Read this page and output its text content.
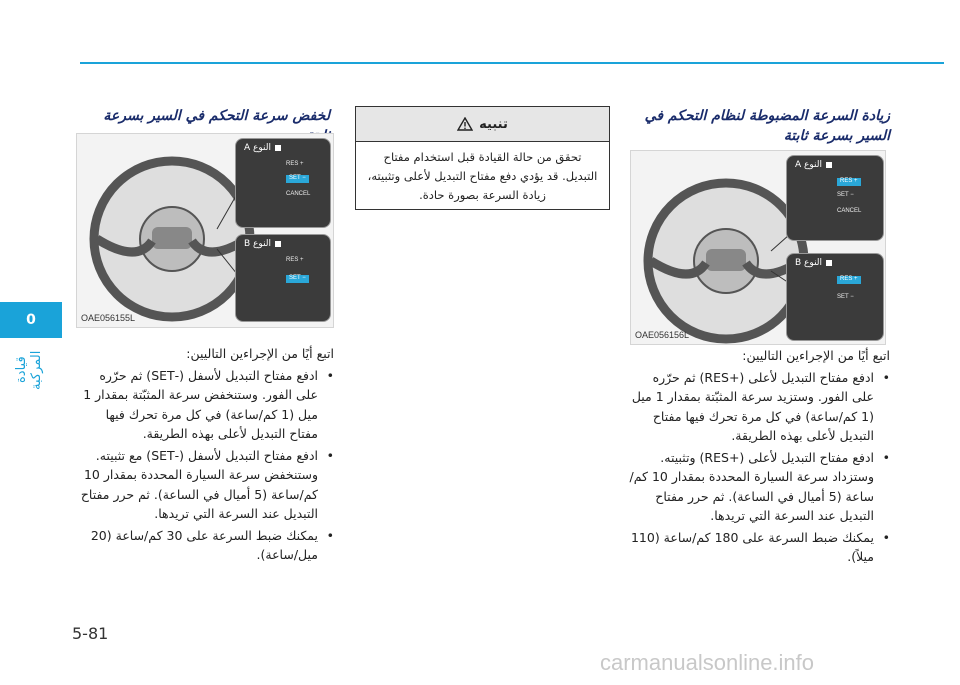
0
قيادة المركبة
زيادة السرعة المضبوطة لنظام التحكم في السير بسرعة ثابتة
النوع A
RES +
SET −
CANCEL
النوع B
RES +
SET −
OAE056156L

اتبع أيًا من الإجراءين التاليين:

• ادفع مفتاح التبديل لأعلى (+RES) ثم حرّره على الفور. وستزيد سرعة المثبّتة بمقدار 1 ميل (1 كم/ساعة) في كل مرة تحرك فيها مفتاح التبديل لأعلى بهذه الطريقة.

• ادفع مفتاح التبديل لأعلى (+RES) وتثبيته. وستزداد سرعة السيارة المحددة بمقدار 10 كم/ساعة (5 أميال في الساعة). ثم حرر مفتاح التبديل عند السرعة التي تريدها.

• يمكنك ضبط السرعة على 180 كم/ساعة (110 ميلاً).

تنبيه
تحقق من حالة القيادة قبل استخدام مفتاح التبديل. قد يؤدي دفع مفتاح التبديل لأعلى وتثبيته، زيادة السرعة بصورة حادة.
لخفض سرعة التحكم في السير بسرعة
النوع A
RES +
SET −
CANCEL
النوع B
RES +
SET −
OAE056155L

اتبع أيًا من الإجراءين التاليين:

• ادفع مفتاح التبديل لأسفل (-SET) ثم حرّره على الفور. وستنخفض سرعة المثبّتة بمقدار 1 ميل (1 كم/ساعة) في كل مرة تحرك فيها مفتاح التبديل لأعلى بهذه الطريقة.

• ادفع مفتاح التبديل لأسفل (-SET) مع تثبيته. وستنخفض سرعة السيارة المحددة بمقدار 10 كم/ساعة (5 أميال في الساعة). ثم حرر مفتاح التبديل عند السرعة التي تريدها.

• يمكنك ضبط السرعة على 30 كم/ساعة (20 ميل/ساعة).

5-81
carmanualsonline.info
